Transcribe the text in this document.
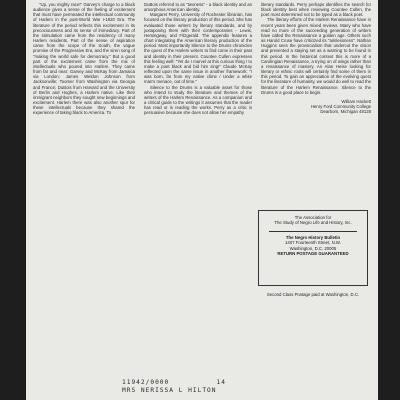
"Up, you mighty race!" Garvey's charge to a black audience gives a sense of the feeling of excitement that must have permeated the intellectual community of Harlem in the post-World War I-1920 Era. The literature of the period reflects this excitement in its precociousness and its sense of immediacy. Part of the stimulation came from the residency of many Harlem residents. Part of the sense of aspiration came from the scope of the South, the vague promise of the Progressive Era, and the siren song of "making the world safe for democracy." But a good part of the excitement came from the mix of intellectuals who poured into Harlem. They came from far and near: Garvey and McKay from Jamaica via London; James Weldon Johnson from Jacksonville; Toomer from Washington via Georgia and France; DuBois from Harvard and the University of Berlin and Hughes, a Harlem native. Like their immigrant neighbors they sought new beginnings and excitement. Harlem there was also another spur for these intellectuals because they shared the experience of taking black to America. To

DuBois referred to as "twoness" - a black identity and an amorphous American identity.

Margaret Perry, University of Rochester librarian, has focused on the literary production of this period. She has evaluated those writers by literary standards, and by juxtaposing them with their contemporaries - Lewis, Hemingway, and Fitzgerald. The appendix features a chart integrating the American literary production of the period. Most importantly Silence to the Drums chronicles the quest of the Harlem writers to find come in their past and identity in their present. Countee Cullen expresses this feeling well: "Yet do I marvel at this curious thing / to make a poet black and bid him sing!" Claude McKay reflected upon the same issue in another framework: "I was born, far from my native clime / Under a white man's menace, out of time."

Silence to the Drums is a valuable asset for those who intend to study the literature and themes of the writers of the Harlem Renaissance. As a companion and a critical guide to the writings it assumes that the reader has read or is reading the works. Perry as a critic is persuasive because she does not allow her empathy

literary standards. Perry perhaps identifies the search for black identity best when reviewing Countee Cullen, the poet most determined not to be typed as a black poet.

The literary efforts of the Harlem Renaissance have in recent years been given mixed reviews. Many who have read no more of the succeeding generation of writers have called the Renaissance a golden age. Others such as Harold Cruse have criticized its "aimlessness". Nathan Huggins sees the provincialism that undercut the vision and prevented a staying set as a warning to be found in this period. In the historical context this is more of a Carolingian Renaissance, a trying on of wings rather than a renaissance of mastery. An Alan Heise looking for literary or ethnic roots will certainly find some of them in this period. To gain an appreciation of the evolving quest for the literature of humanity, we would do well to read the literature of the Harlem Renaissance. Silence to the Drums is a good place to begin.

William Hackett
Henry Ford Community College
Dearborn, Michigan 48128
The Association for
The Study of Negro Life and History, Inc.
The Negro History Bulletin
1407 Fourteenth Street, N.W.
Washington, D.C. 20005
RETURN POSTAGE GUARANTEED
Second Class Postage paid at Washington, D.C.
11942/0000	14
MRS NERISSA L HILTON
